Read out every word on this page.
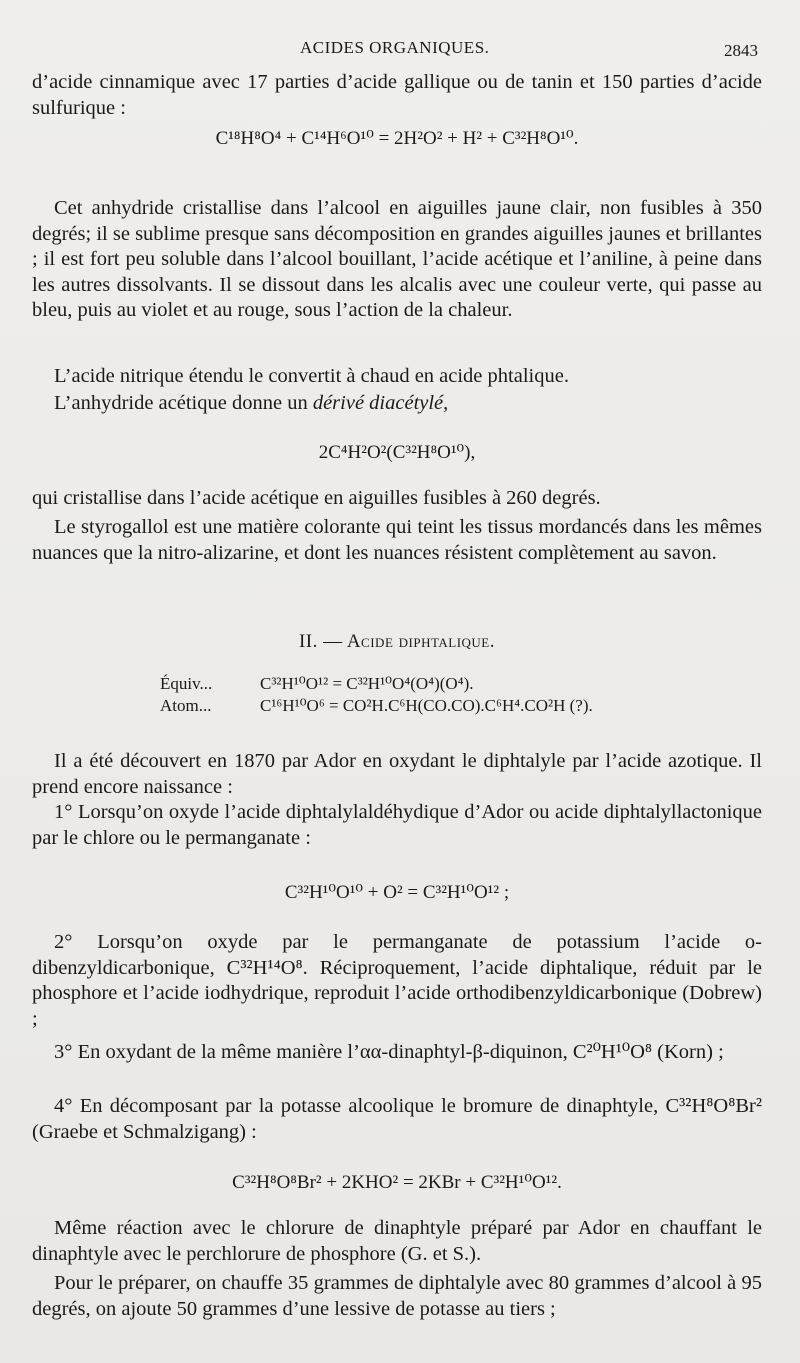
ACIDES ORGANIQUES.	2843

d’acide cinnamique avec 17 parties d’acide gallique ou de tanin et 150 parties d’acide sulfurique :

C¹⁸H⁸O⁴ + C¹⁴H⁶O¹⁰ = 2H²O² + H² + C³²H⁸O¹⁰.

Cet anhydride cristallise dans l’alcool en aiguilles jaune clair, non fusibles à 350 degrés; il se sublime presque sans décomposition en grandes aiguilles jaunes et brillantes ; il est fort peu soluble dans l’alcool bouillant, l’acide acétique et l’aniline, à peine dans les autres dissolvants. Il se dissout dans les alcalis avec une couleur verte, qui passe au bleu, puis au violet et au rouge, sous l’action de la chaleur.

L’acide nitrique étendu le convertit à chaud en acide phtalique.

L’anhydride acétique donne un dérivé diacétylé,

2C⁴H²O²(C³²H⁸O¹⁰),

qui cristallise dans l’acide acétique en aiguilles fusibles à 260 degrés.

Le styrogallol est une matière colorante qui teint les tissus mordancés dans les mêmes nuances que la nitro-alizarine, et dont les nuances résistent complètement au savon.

II. — Acide diphtalique.

Équiv...	C³²H¹⁰O¹² = C³²H¹⁰O⁴(O⁴)(O⁴).
Atom...	C¹⁶H¹⁰O⁶ = CO²H.C⁶H(CO.CO).C⁶H⁴.CO²H (?).

Il a été découvert en 1870 par Ador en oxydant le diphtalyle par l’acide azotique. Il prend encore naissance :

1° Lorsqu’on oxyde l’acide diphtalylaldéhydique d’Ador ou acide diphtalyllactonique par le chlore ou le permanganate :

C³²H¹⁰O¹⁰ + O² = C³²H¹⁰O¹² ;

2° Lorsqu’on oxyde par le permanganate de potassium l’acide o-dibenzyldicarbonique, C³²H¹⁴O⁸. Réciproquement, l’acide diphtalique, réduit par le phosphore et l’acide iodhydrique, reproduit l’acide orthodibenzyldicarbonique (Dobrew) ;

3° En oxydant de la même manière l’αα-dinaphtyl-β-diquinon, C²⁰H¹⁰O⁸ (Korn) ;

4° En décomposant par la potasse alcoolique le bromure de dinaphtyle, C³²H⁸O⁸Br² (Graebe et Schmalzigang) :

C³²H⁸O⁸Br² + 2KHO² = 2KBr + C³²H¹⁰O¹².

Même réaction avec le chlorure de dinaphtyle préparé par Ador en chauffant le dinaphtyle avec le perchlorure de phosphore (G. et S.).

Pour le préparer, on chauffe 35 grammes de diphtalyle avec 80 grammes d’alcool à 95 degrés, on ajoute 50 grammes d’une lessive de potasse au tiers ;
